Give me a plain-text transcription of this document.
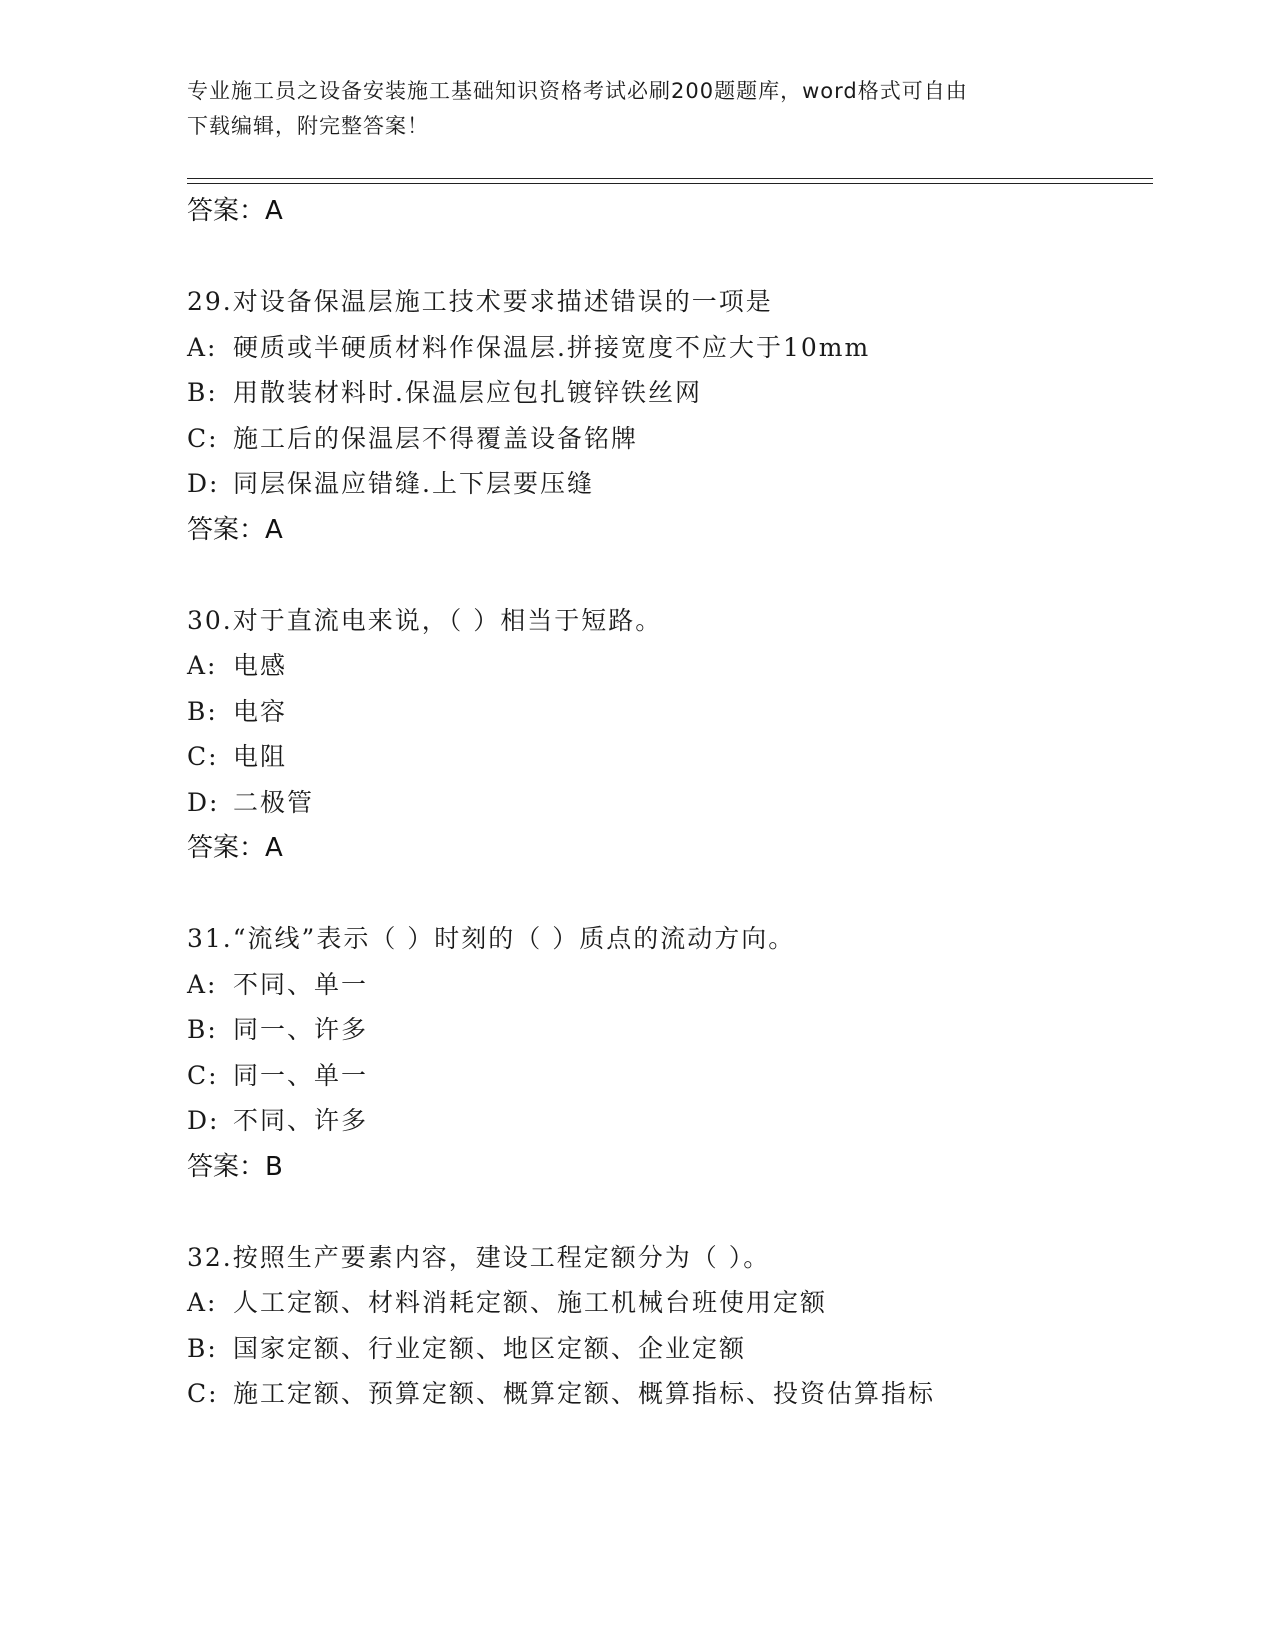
专业施工员之设备安装施工基础知识资格考试必刷200题题库，word格式可自由
下载编辑，附完整答案！
答案：A
29.对设备保温层施工技术要求描述错误的一项是
A: 硬质或半硬质材料作保温层.拼接宽度不应大于10mm
B: 用散装材料时.保温层应包扎镀锌铁丝网
C: 施工后的保温层不得覆盖设备铭牌
D: 同层保温应错缝.上下层要压缝
答案：A
30.对于直流电来说，（ ）相当于短路。
A: 电感
B: 电容
C: 电阻
D: 二极管
答案：A
31.“流线”表示（ ）时刻的（ ）质点的流动方向。
A: 不同、单一
B: 同一、许多
C: 同一、单一
D: 不同、许多
答案：B
32.按照生产要素内容，建设工程定额分为（ ）。
A: 人工定额、材料消耗定额、施工机械台班使用定额
B: 国家定额、行业定额、地区定额、企业定额
C: 施工定额、预算定额、概算定额、概算指标、投资估算指标
